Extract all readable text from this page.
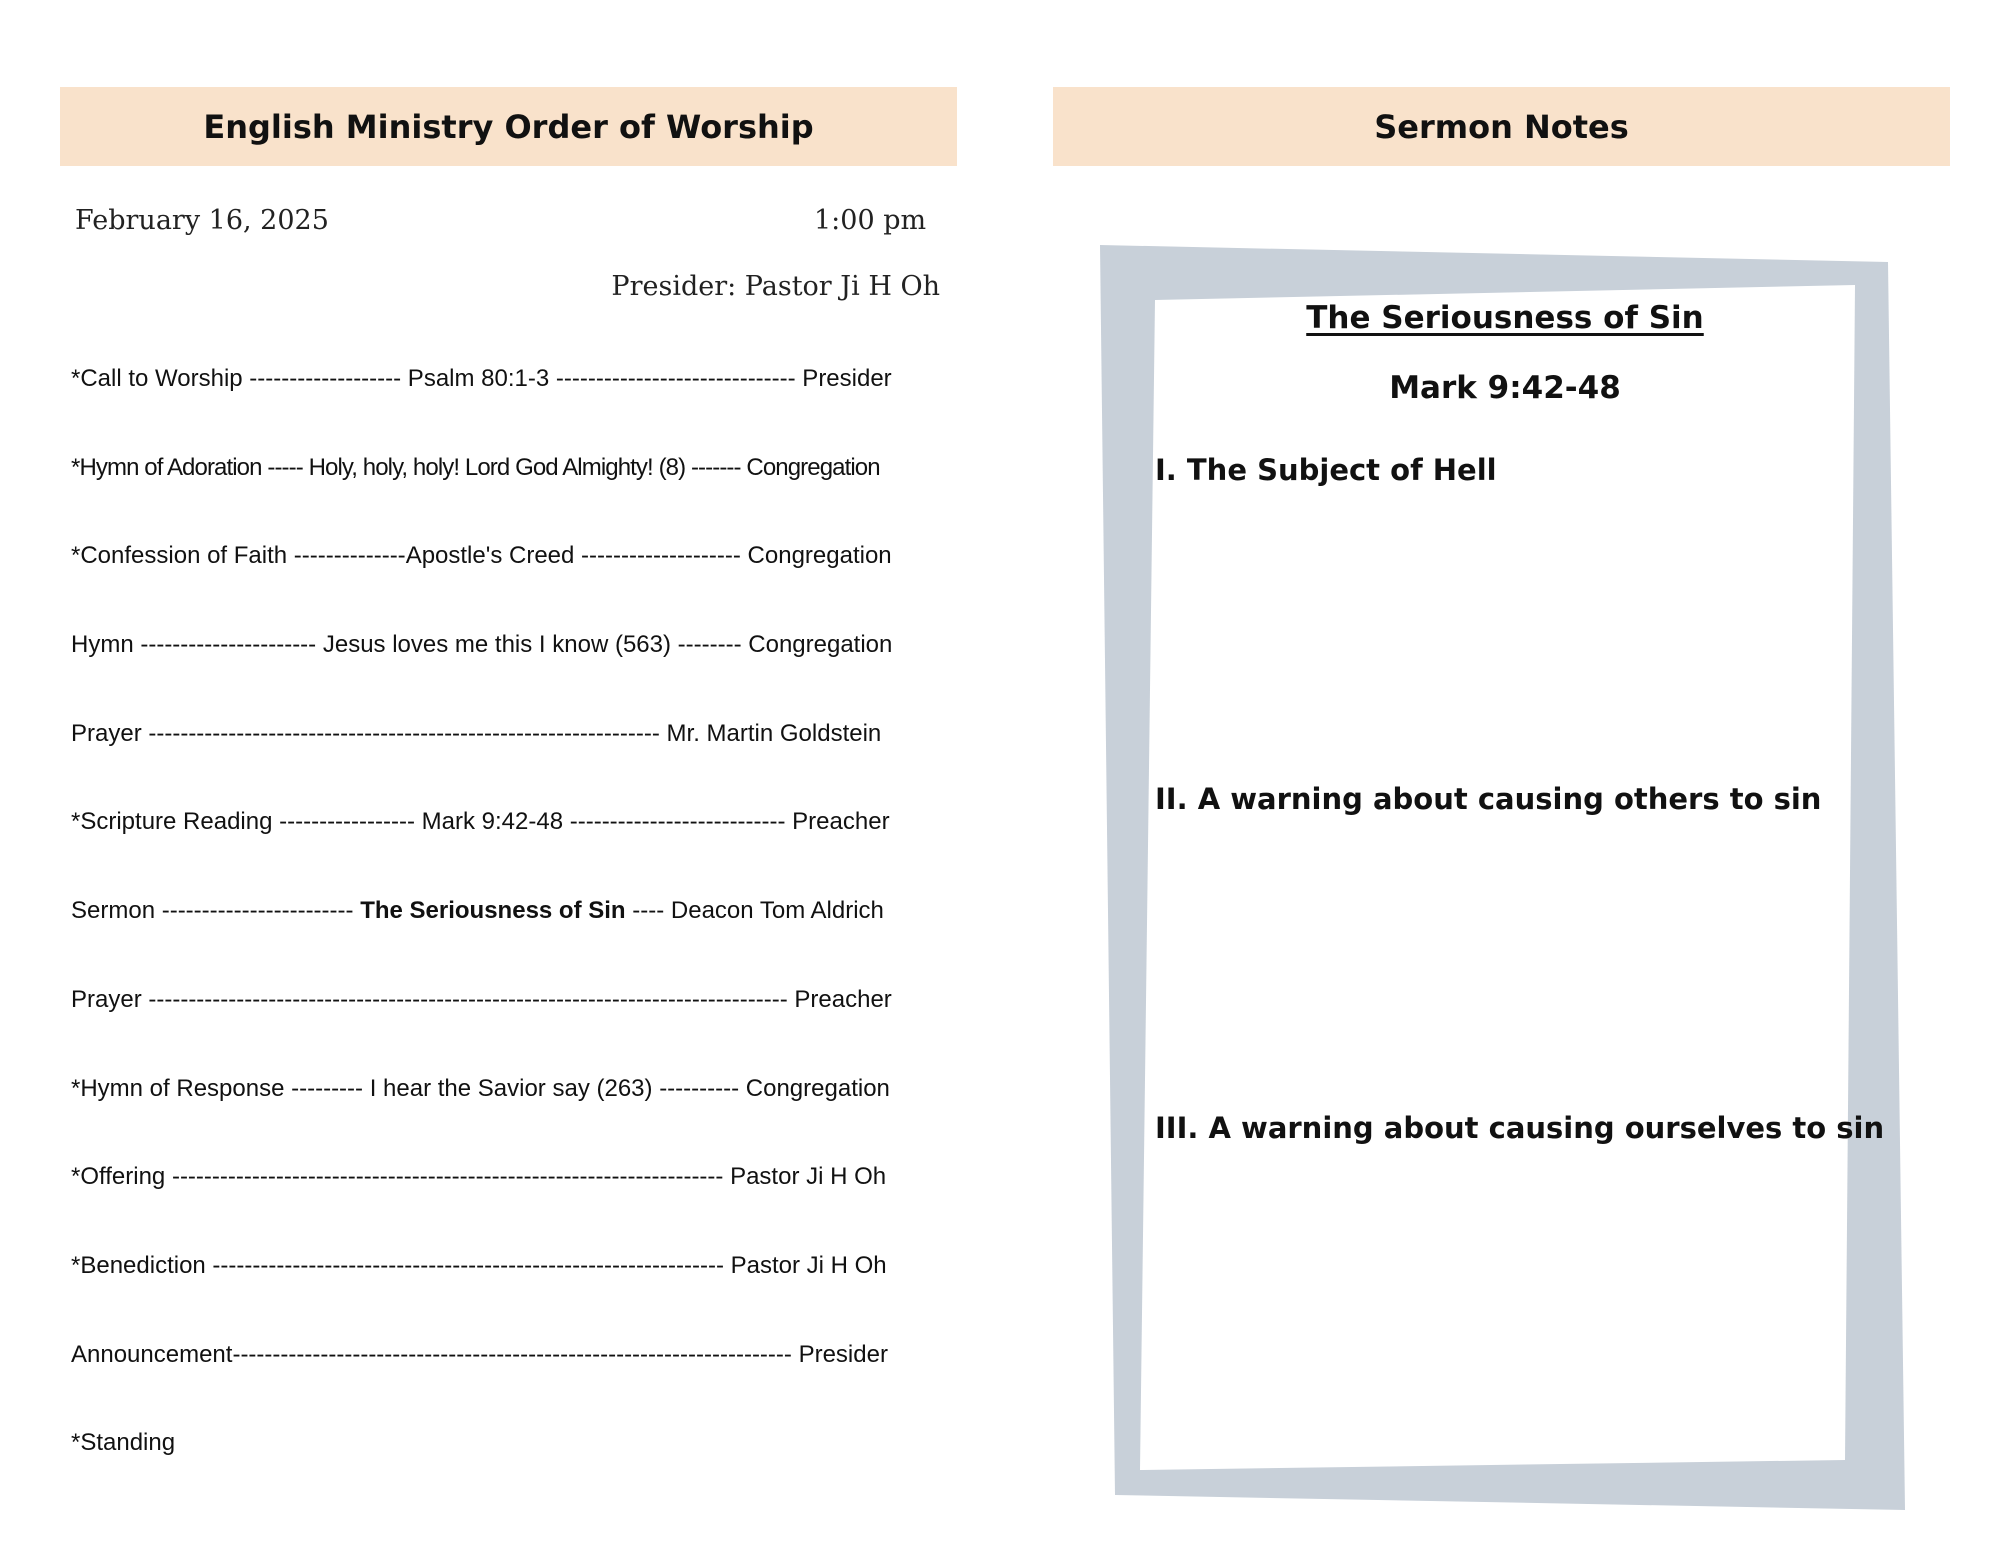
English Ministry Order of Worship	Sermon Notes
February 16, 2025	1:00 pm
Presider: Pastor Ji H Oh
*Call to Worship ------------------- Psalm 80:1-3 ------------------------------ Presider
*Hymn of Adoration ----- Holy, holy, holy! Lord God Almighty! (8) ------- Congregation
*Confession of Faith -------------- Apostle's Creed -------------------- Congregation
Hymn ---------------------- Jesus loves me this I know (563) -------- Congregation
Prayer ----------------------------------------------------------------
Mr. Martin Goldstein
*Scripture Reading ----------------- Mark 9:42-48 --------------------------- Preacher
Sermon ------------------------ The Seriousness of Sin ---- Deacon Tom Aldrich
Prayer --------------------------------------------------------------------------------
Preacher
*Hymn of Response --------- I hear the Savior say (263) ---------- Congregation
*Offering ---------------------------------------------------------------------
Pastor Ji H Oh
*Benediction ----------------------------------------------------------------
Pastor Ji H Oh
Announcement----------------------------------------------------------------------
Presider
*Standing
The Seriousness of Sin
Mark 9:42-48
I. The Subject of Hell
II. A warning about causing others to sin
III. A warning about causing ourselves to sin
